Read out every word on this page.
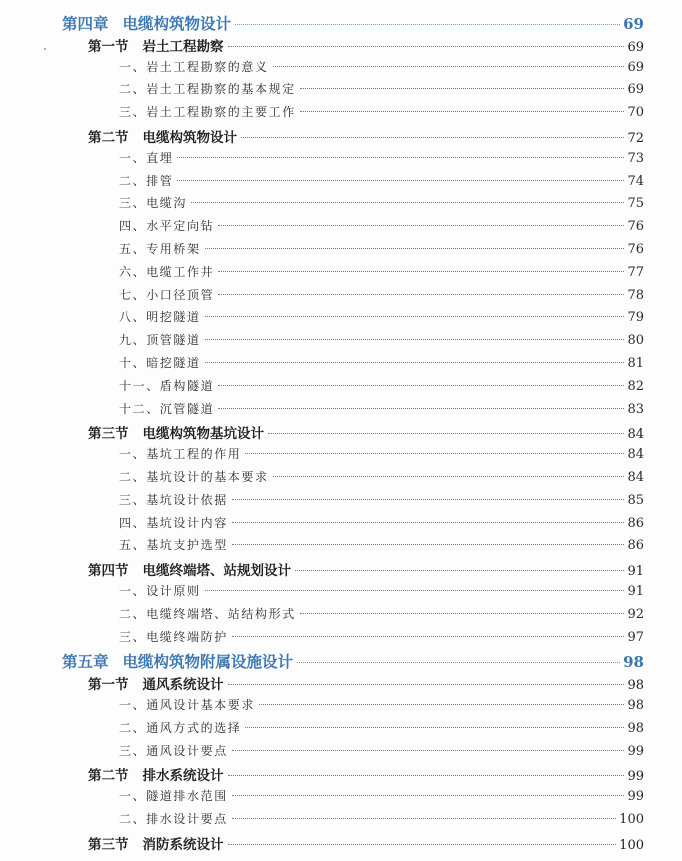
第四章 电缆构筑物设计	69
第一节 岩土工程勘察	69
一、岩土工程勘察的意义	69
二、岩土工程勘察的基本规定	69
三、岩土工程勘察的主要工作	70
第二节 电缆构筑物设计	72
一、直埋	73
二、排管	74
三、电缆沟	75
四、水平定向钻	76
五、专用桥架	76
六、电缆工作井	77
七、小口径顶管	78
八、明挖隧道	79
九、顶管隧道	80
十、暗挖隧道	81
十一、盾构隧道	82
十二、沉管隧道	83
第三节 电缆构筑物基坑设计	84
一、基坑工程的作用	84
二、基坑设计的基本要求	84
三、基坑设计依据	85
四、基坑设计内容	86
五、基坑支护选型	86
第四节 电缆终端塔、站规划设计	91
一、设计原则	91
二、电缆终端塔、站结构形式	92
三、电缆终端防护	97
第五章 电缆构筑物附属设施设计	98
第一节 通风系统设计	98
一、通风设计基本要求	98
二、通风方式的选择	98
三、通风设计要点	99
第二节 排水系统设计	99
一、隧道排水范围	99
二、排水设计要点	100
第三节 消防系统设计	100
